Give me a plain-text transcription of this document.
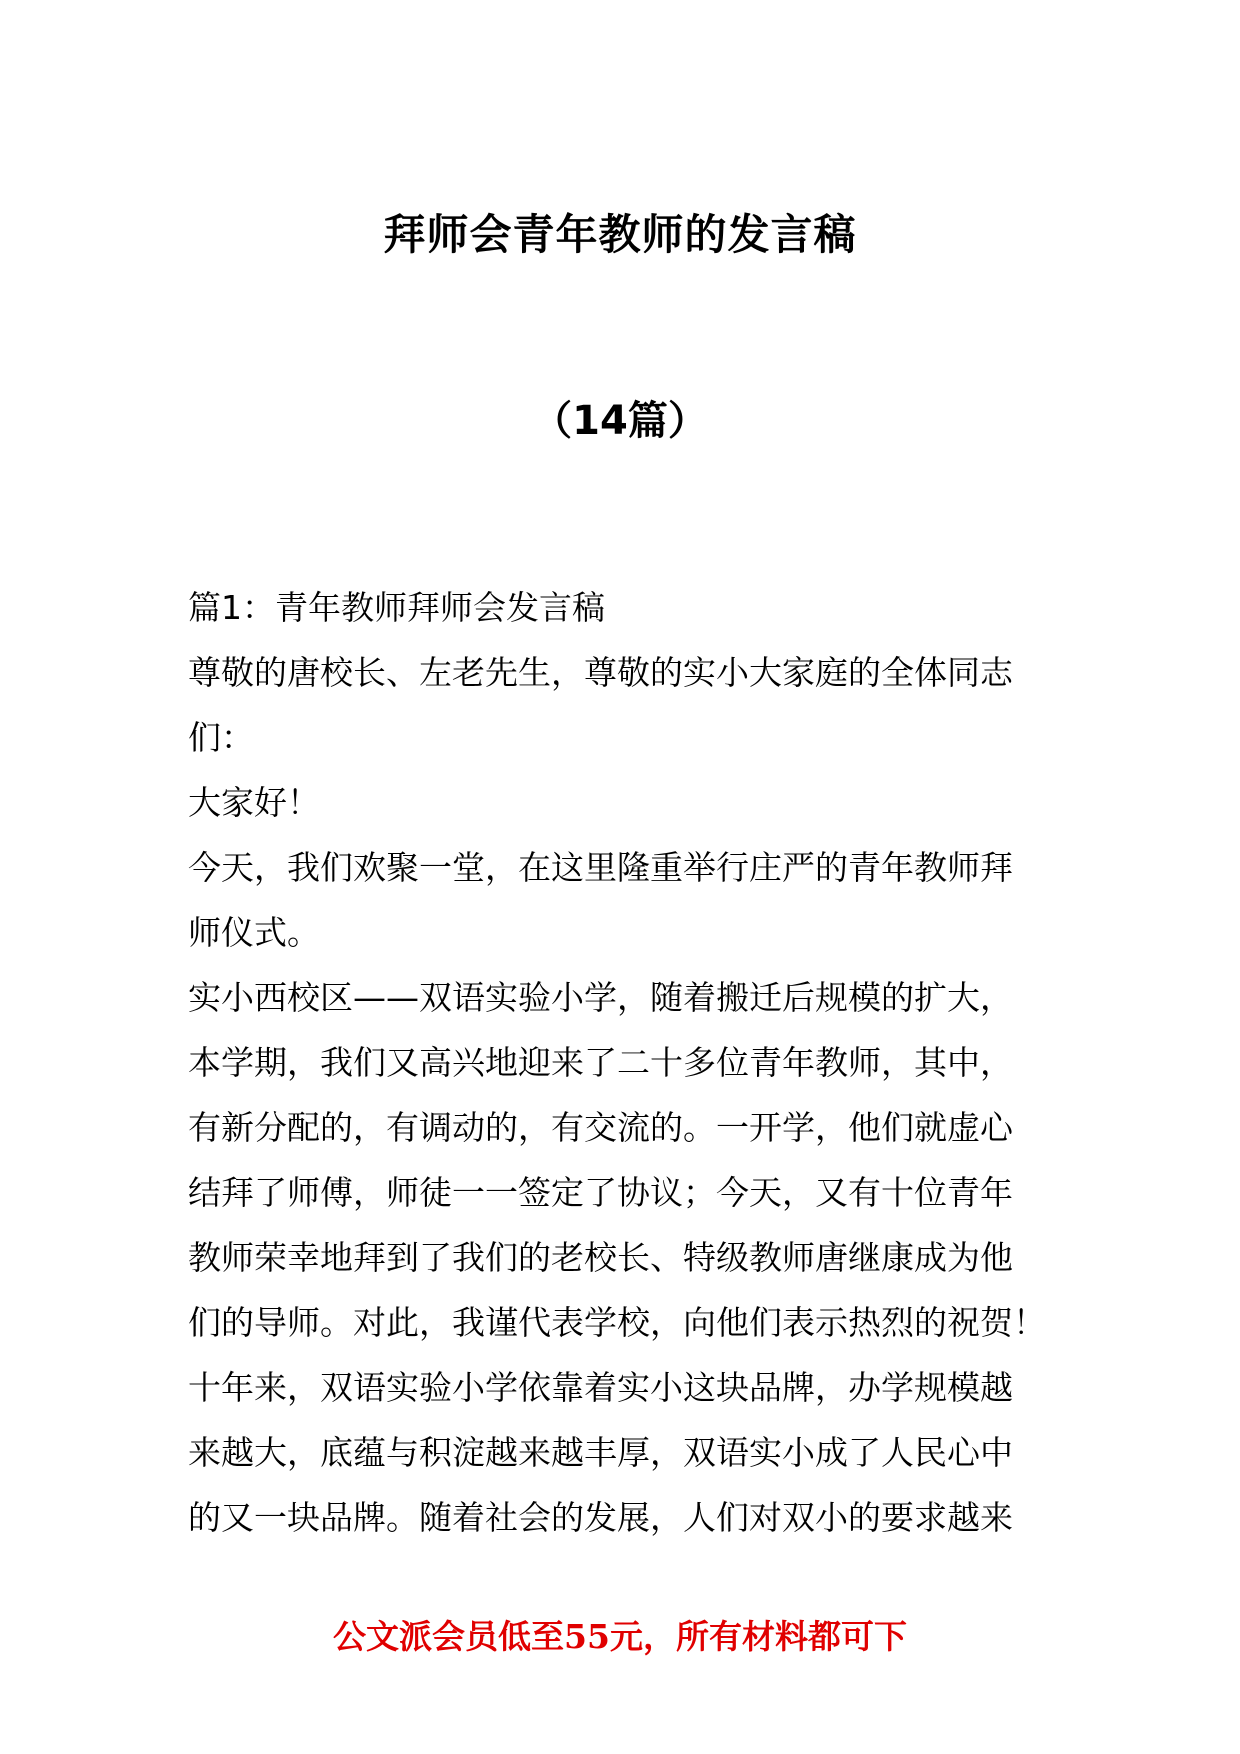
拜师会青年教师的发言稿
（14篇）
篇1：青年教师拜师会发言稿
尊敬的唐校长、左老先生，尊敬的实小大家庭的全体同志
们：
大家好！
今天，我们欢聚一堂，在这里隆重举行庄严的青年教师拜
师仪式。
实小西校区——双语实验小学，随着搬迁后规模的扩大，
本学期，我们又高兴地迎来了二十多位青年教师，其中，
有新分配的，有调动的，有交流的。一开学，他们就虚心
结拜了师傅，师徒一一签定了协议；今天，又有十位青年
教师荣幸地拜到了我们的老校长、特级教师唐继康成为他
们的导师。对此，我谨代表学校，向他们表示热烈的祝贺！
十年来，双语实验小学依靠着实小这块品牌，办学规模越
来越大，底蕴与积淀越来越丰厚，双语实小成了人民心中
的又一块品牌。随着社会的发展，人们对双小的要求越来
公文派会员低至55元，所有材料都可下
